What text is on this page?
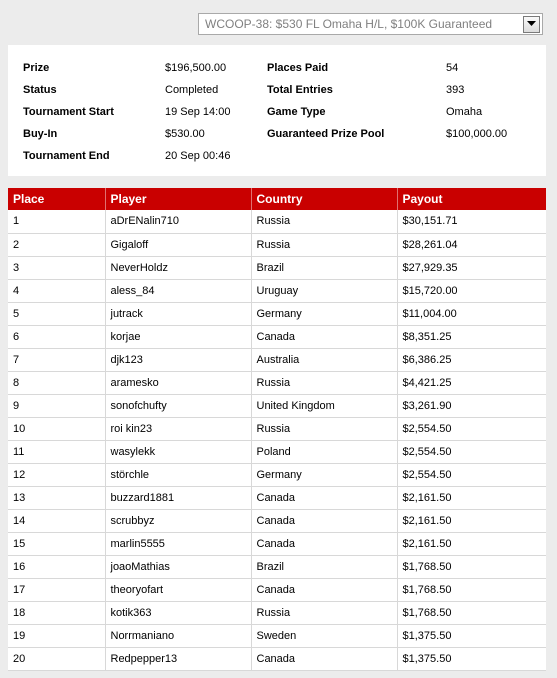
WCOOP-38: $530 FL Omaha H/L, $100K Guaranteed
Prize	$196,500.00
Status	Completed
Tournament Start	19 Sep 14:00
Buy-In	$530.00
Tournament End	20 Sep 00:46
Places Paid	54
Total Entries	393
Game Type	Omaha
Guaranteed Prize Pool	$100,000.00
Place	Player	Country	Payout
1	aDrENalin710	Russia	$30,151.71
2	Gigaloff	Russia	$28,261.04
3	NeverHoldz	Brazil	$27,929.35
4	aless_84	Uruguay	$15,720.00
5	jutrack	Germany	$11,004.00
6	korjae	Canada	$8,351.25
7	djk123	Australia	$6,386.25
8	aramesko	Russia	$4,421.25
9	sonofchufty	United Kingdom	$3,261.90
10	roi kin23	Russia	$2,554.50
11	wasylekk	Poland	$2,554.50
12	störchle	Germany	$2,554.50
13	buzzard1881	Canada	$2,161.50
14	scrubbyz	Canada	$2,161.50
15	marlin5555	Canada	$2,161.50
16	joaoMathias	Brazil	$1,768.50
17	theoryofart	Canada	$1,768.50
18	kotik363	Russia	$1,768.50
19	Norrmaniano	Sweden	$1,375.50
20	Redpepper13	Canada	$1,375.50
